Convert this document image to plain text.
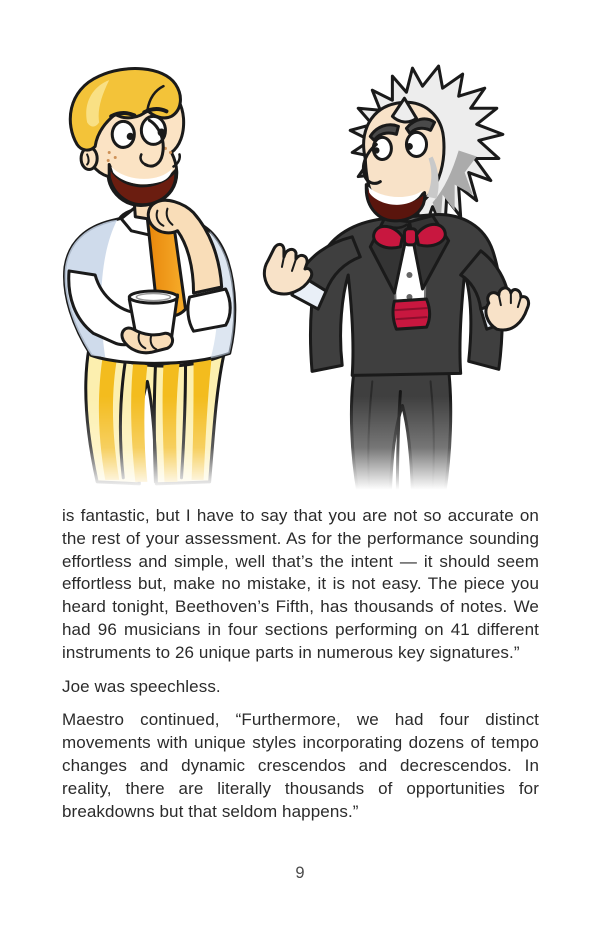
is fantastic, but I have to say that you are not so accurate on the rest of your assessment. As for the performance sounding effortless and simple, well that’s the intent — it should seem effortless but, make no mistake, it is not easy. The piece you heard tonight, Beethoven’s Fifth, has thousands of notes. We had 96 musicians in four sections performing on 41 different instruments to 26 unique parts in numerous key signatures.”

Joe was speechless.

Maestro continued, “Furthermore, we had four distinct movements with unique styles incorporating dozens of tempo changes and dynamic crescendos and decrescendos. In reality, there are literally thousands of opportunities for breakdowns but that seldom happens.”

9
